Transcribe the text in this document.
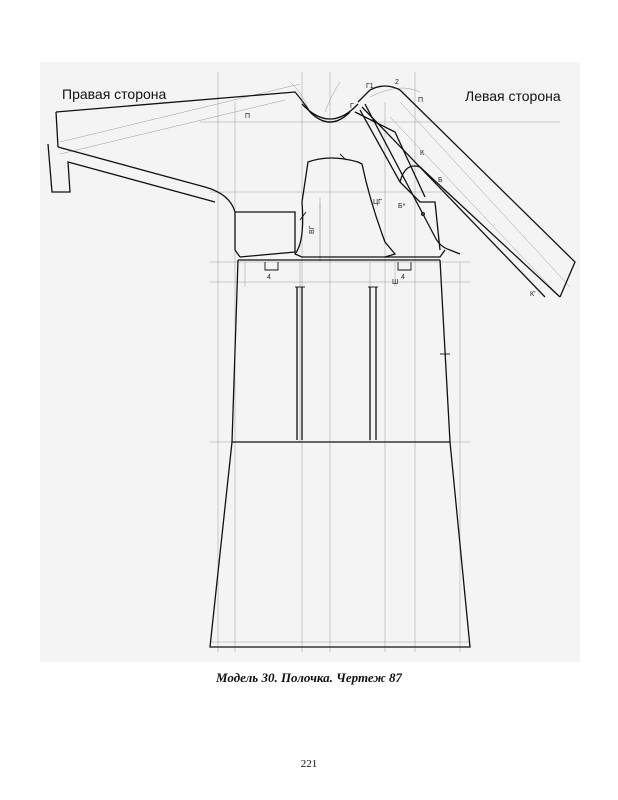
П
Г
Г1
2
П
К
Б
Б*
ЦГ
ВГ
4	4
Ш
К'
Правая сторона	Левая сторона
Модель 30. Полочка. Чертеж 87
221
